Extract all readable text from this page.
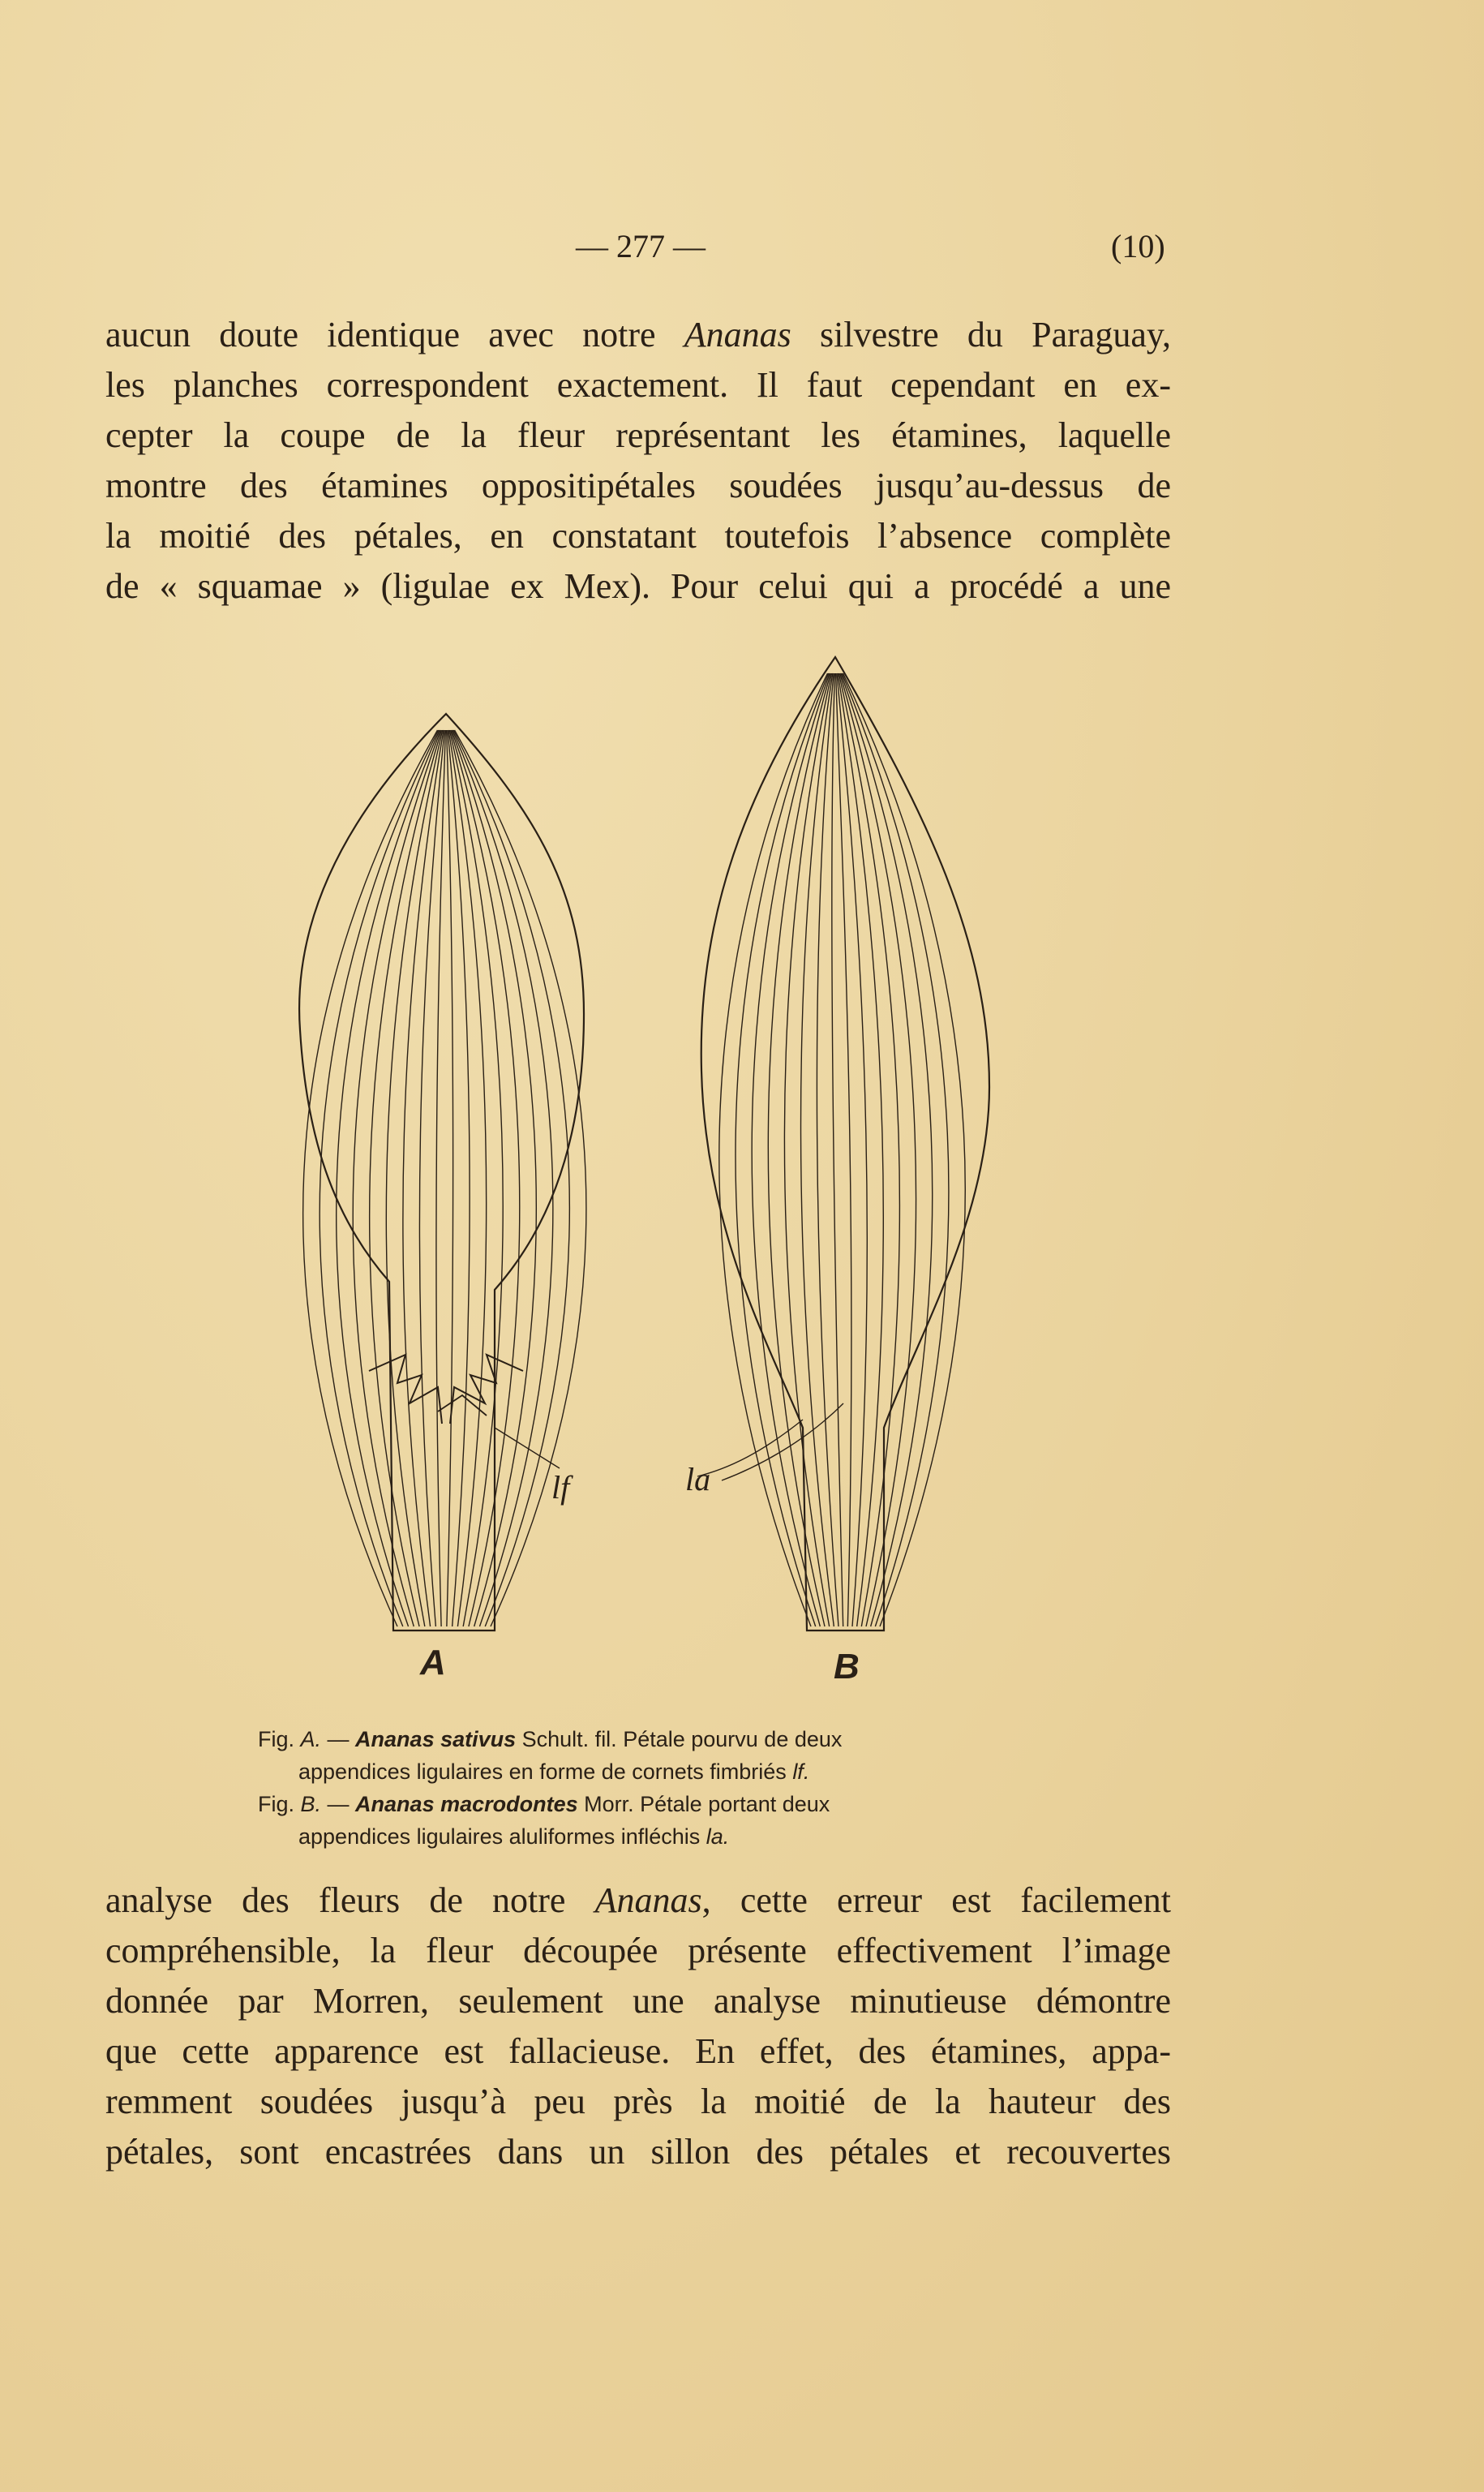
— 277 —	(10)
aucun doute identique avec notre Ananas silvestre du Paraguay,
les planches correspondent exactement. Il faut cependant en ex-
cepter la coupe de la fleur représentant les étamines, laquelle
montre des étamines oppositipétales soudées jusqu’au-dessus de
la moitié des pétales, en constatant toutefois l’absence complète
de « squamae » (ligulae ex Mex). Pour celui qui a procédé a une
lf	la
A	B
Fig. A. — Ananas sativus Schult. fil. Pétale pourvu de deux
appendices ligulaires en forme de cornets fimbriés lf.
Fig. B. — Ananas macrodontes Morr. Pétale portant deux
appendices ligulaires aluliformes infléchis la.
analyse des fleurs de notre Ananas, cette erreur est facilement
compréhensible, la fleur découpée présente effectivement l’image
donnée par Morren, seulement une analyse minutieuse démontre
que cette apparence est fallacieuse. En effet, des étamines, appa-
remment soudées jusqu’à peu près la moitié de la hauteur des
pétales, sont encastrées dans un sillon des pétales et recouvertes
